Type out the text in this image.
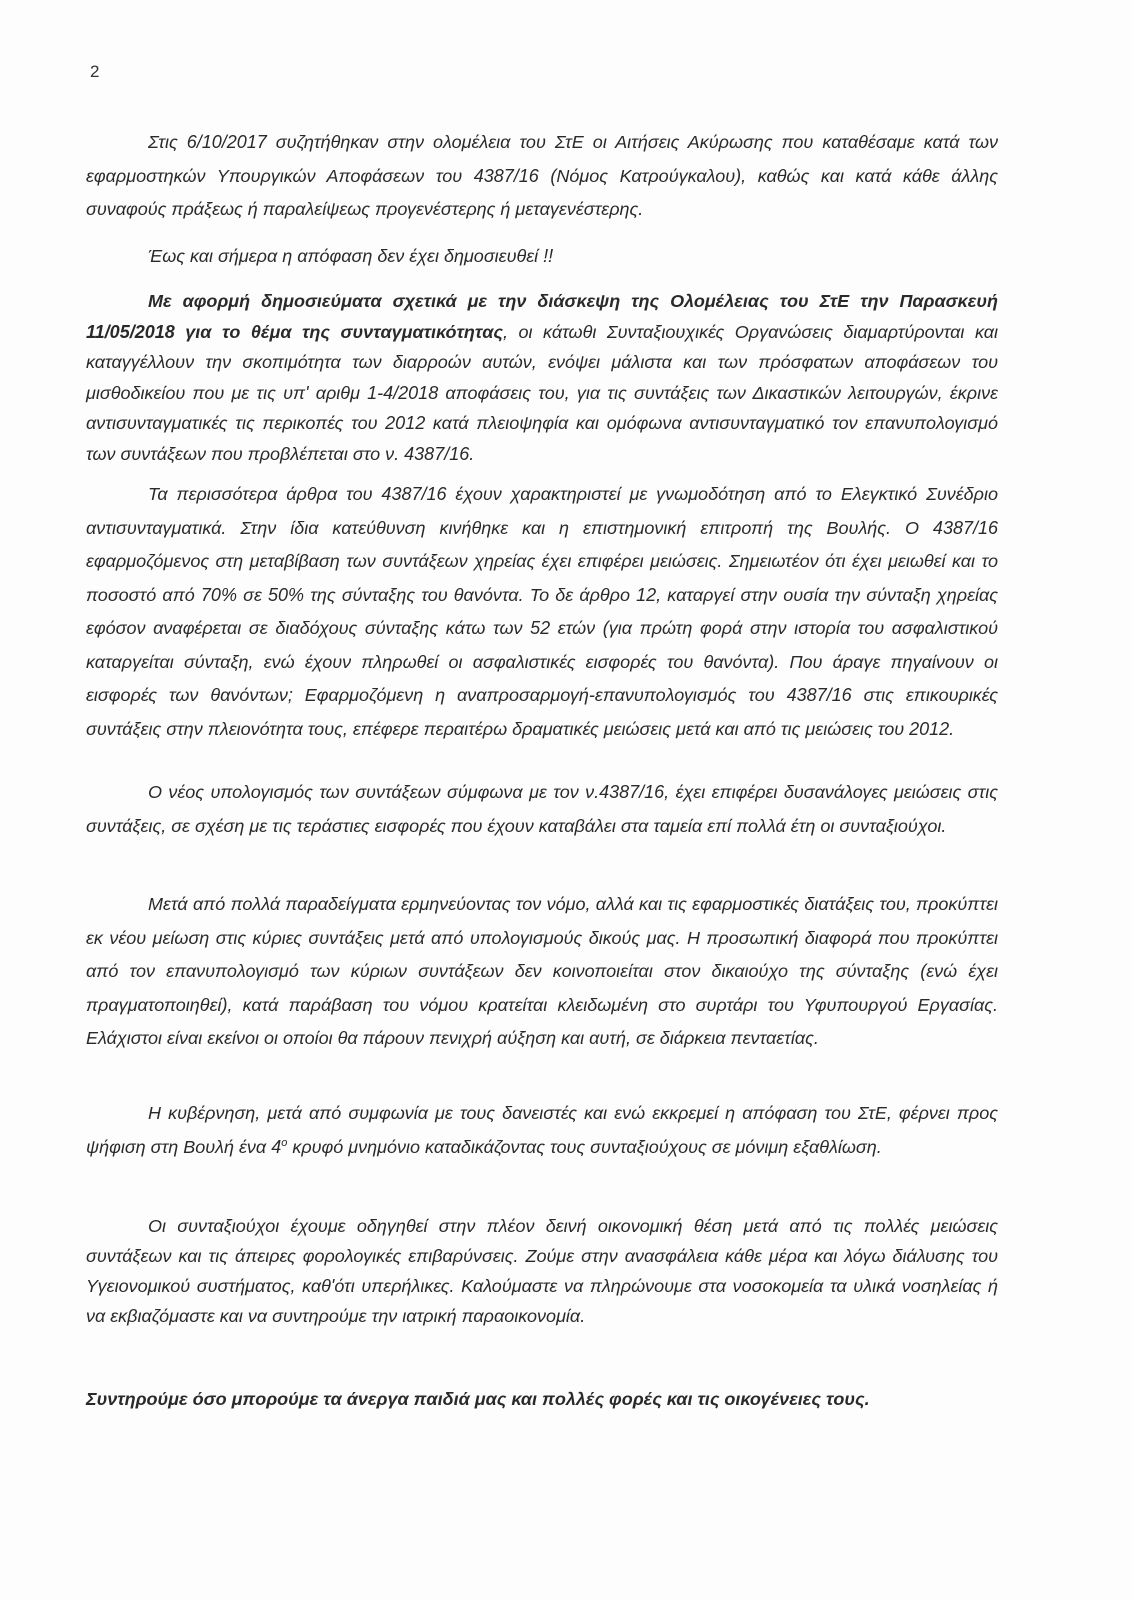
2

Στις 6/10/2017 συζητήθηκαν στην ολομέλεια του ΣτΕ οι Αιτήσεις Ακύρωσης που καταθέσαμε κατά των εφαρμοστηκών Υπουργικών Αποφάσεων του 4387/16 (Νόμος Κατρούγκαλου), καθώς και κατά κάθε άλλης συναφούς πράξεως ή παραλείψεως προγενέστερης ή μεταγενέστερης.

Έως και σήμερα η απόφαση δεν έχει δημοσιευθεί !!

Με αφορμή δημοσιεύματα σχετικά με την διάσκεψη της Ολομέλειας του ΣτΕ την Παρασκευή 11/05/2018 για το θέμα της συνταγματικότητας, οι κάτωθι Συνταξιουχικές Οργανώσεις διαμαρτύρονται και καταγγέλλουν την σκοπιμότητα των διαρροών αυτών, ενόψει μάλιστα και των πρόσφατων αποφάσεων του μισθοδικείου που με τις υπ' αριθμ 1-4/2018 αποφάσεις του, για τις συντάξεις των Δικαστικών λειτουργών, έκρινε αντισυνταγματικές τις περικοπές του 2012 κατά πλειοψηφία και ομόφωνα αντισυνταγματικό τον επανυπολογισμό των συντάξεων που προβλέπεται στο ν. 4387/16.

Τα περισσότερα άρθρα του 4387/16 έχουν χαρακτηριστεί με γνωμοδότηση από το Ελεγκτικό Συνέδριο αντισυνταγματικά. Στην ίδια κατεύθυνση κινήθηκε και η επιστημονική επιτροπή της Βουλής. Ο 4387/16 εφαρμοζόμενος στη μεταβίβαση των συντάξεων χηρείας έχει επιφέρει μειώσεις. Σημειωτέον ότι έχει μειωθεί και το ποσοστό από 70% σε 50% της σύνταξης του θανόντα. Το δε άρθρο 12, καταργεί στην ουσία την σύνταξη χηρείας εφόσον αναφέρεται σε διαδόχους σύνταξης κάτω των 52 ετών (για πρώτη φορά στην ιστορία του ασφαλιστικού καταργείται σύνταξη, ενώ έχουν πληρωθεί οι ασφαλιστικές εισφορές του θανόντα). Που άραγε πηγαίνουν οι εισφορές των θανόντων; Εφαρμοζόμενη η αναπροσαρμογή-επανυπολογισμός του 4387/16 στις επικουρικές συντάξεις στην πλειονότητα τους, επέφερε περαιτέρω δραματικές μειώσεις μετά και από τις μειώσεις του 2012.

Ο νέος υπολογισμός των συντάξεων σύμφωνα με τον ν.4387/16, έχει επιφέρει δυσανάλογες μειώσεις στις συντάξεις, σε σχέση με τις τεράστιες εισφορές που έχουν καταβάλει στα ταμεία επί πολλά έτη οι συνταξιούχοι.

Μετά από πολλά παραδείγματα ερμηνεύοντας τον νόμο, αλλά και τις εφαρμοστικές διατάξεις του, προκύπτει εκ νέου μείωση στις κύριες συντάξεις μετά από υπολογισμούς δικούς μας. Η προσωπική διαφορά που προκύπτει από τον επανυπολογισμό των κύριων συντάξεων δεν κοινοποιείται στον δικαιούχο της σύνταξης (ενώ έχει πραγματοποιηθεί), κατά παράβαση του νόμου κρατείται κλειδωμένη στο συρτάρι του Υφυπουργού Εργασίας. Ελάχιστοι είναι εκείνοι οι οποίοι θα πάρουν πενιχρή αύξηση και αυτή, σε διάρκεια πενταετίας.

Η κυβέρνηση, μετά από συμφωνία με τους δανειστές και ενώ εκκρεμεί η απόφαση του ΣτΕ, φέρνει προς ψήφιση στη Βουλή ένα $4^o$ κρυφό μνημόνιο καταδικάζοντας τους συνταξιούχους σε μόνιμη εξαθλίωση.

Οι συνταξιούχοι έχουμε οδηγηθεί στην πλέον δεινή οικονομική θέση μετά από τις πολλές μειώσεις συντάξεων και τις άπειρες φορολογικές επιβαρύνσεις. Ζούμε στην ανασφάλεια κάθε μέρα και λόγω διάλυσης του Υγειονομικού συστήματος, καθ'ότι υπερήλικες. Καλούμαστε να πληρώνουμε στα νοσοκομεία τα υλικά νοσηλείας ή να εκβιαζόμαστε και να συντηρούμε την ιατρική παραοικονομία.

Συντηρούμε όσο μπορούμε τα άνεργα παιδιά μας και πολλές φορές και τις οικογένειες τους.
